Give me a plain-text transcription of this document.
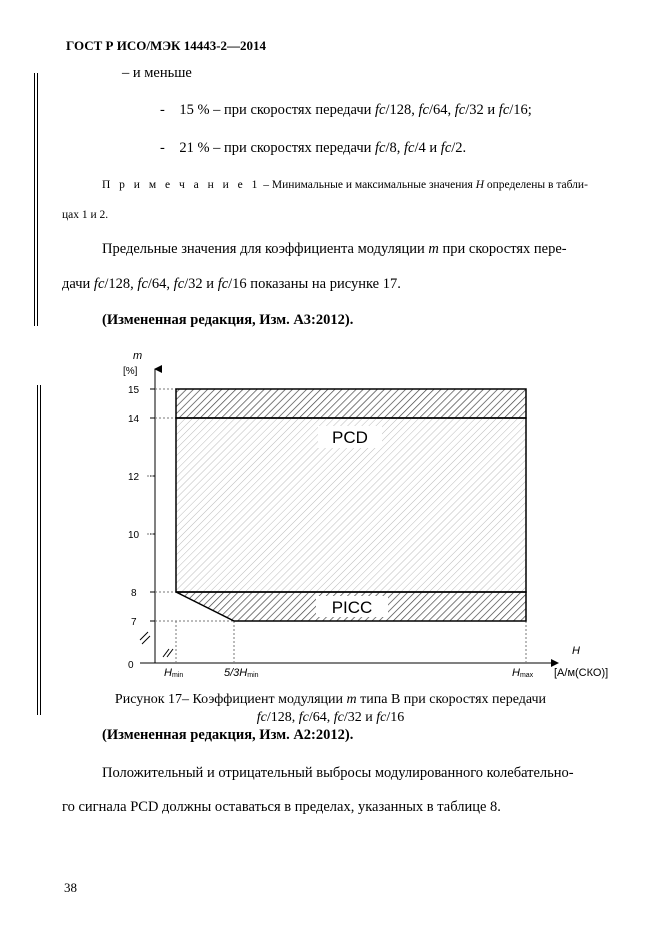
ГОСТ Р ИСО/МЭК 14443-2—2014
– и меньше
- 15 % – при скоростях передачи fc/128, fc/64, fc/32 и fc/16;
- 21 % – при скоростях передачи fc/8, fc/4 и fc/2.
П р и м е ч а н и е 1 – Минимальные и максимальные значения H определены в табли-
цах 1 и 2.
Предельные значения для коэффициента модуляции m при скоростях пере-
дачи fc/128, fc/64, fc/32 и fc/16 показаны на рисунке 17.
(Измененная редакция, Изм. А3:2012).
m
[%]
15
14
12
10
8
7
0
PCD
PICC
H
[А/м(СКО)]
Hmin	5/3Hmin	Hmax
Рисунок 17– Коэффициент модуляции m типа В при скоростях передачи
fc/128, fc/64, fc/32 и fc/16
(Измененная редакция, Изм. А2:2012).
Положительный и отрицательный выбросы модулированного колебательно-
го сигнала PCD должны оставаться в пределах, указанных в таблице 8.
38
